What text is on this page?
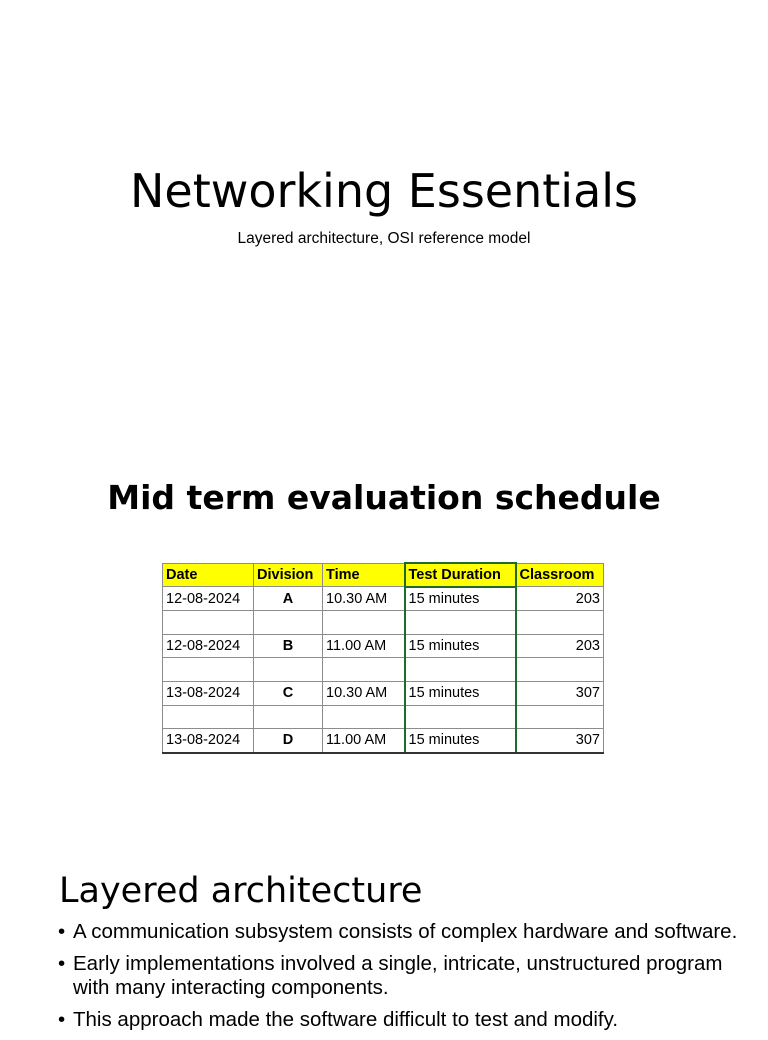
Networking Essentials
Layered architecture, OSI reference model
Mid term evaluation schedule
Date	Division	Time	Test Duration	Classroom
12-08-2024	A	10.30 AM	15 minutes	203

12-08-2024	B	11.00 AM	15 minutes	203

13-08-2024	C	10.30 AM	15 minutes	307

13-08-2024	D	11.00 AM	15 minutes	307
Layered architecture
• A communication subsystem consists of complex hardware and software.
• Early implementations involved a single, intricate, unstructured program with many interacting components.
• This approach made the software difficult to test and modify.
